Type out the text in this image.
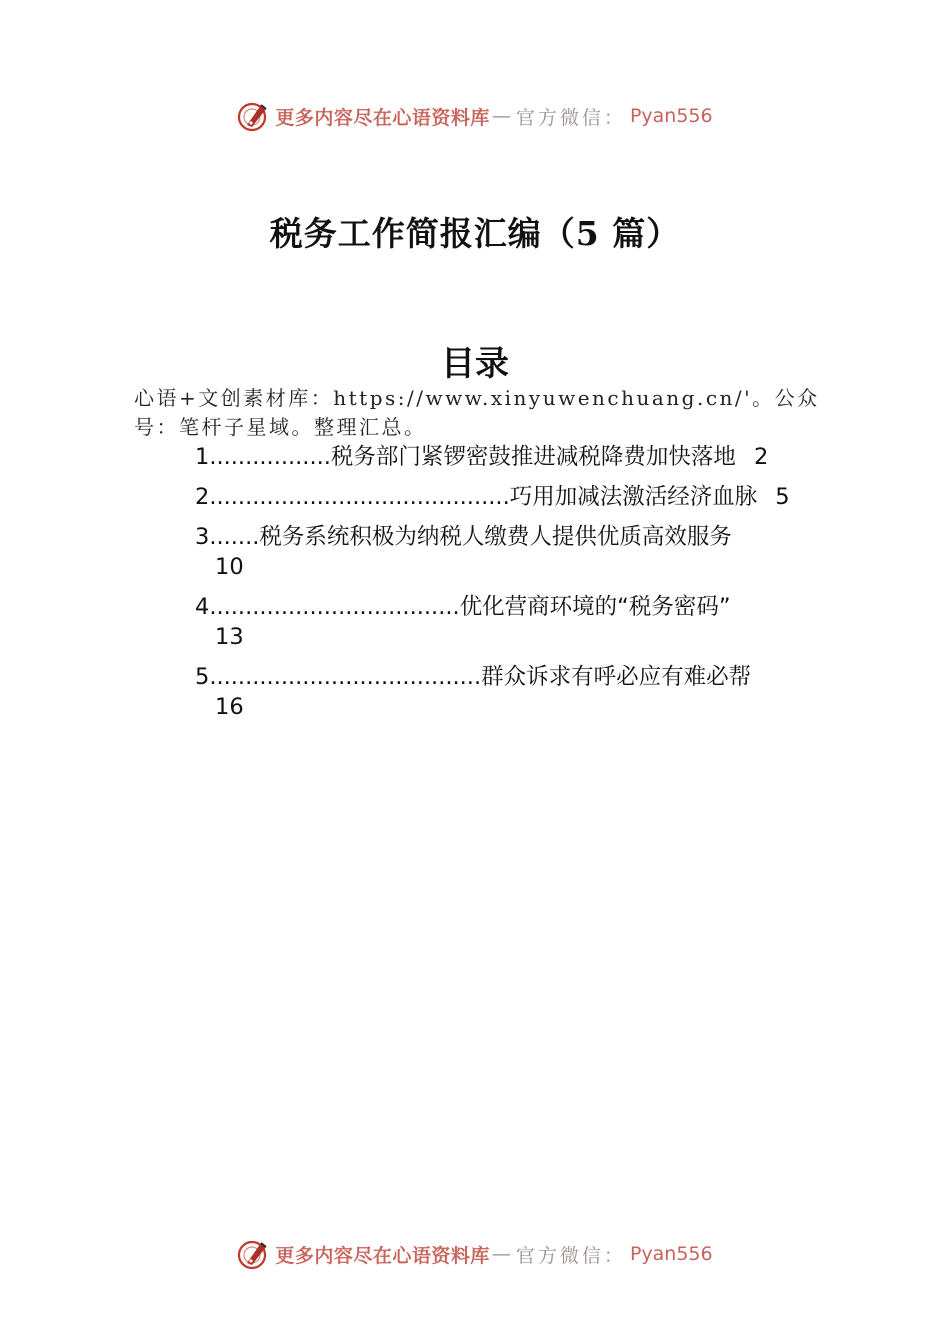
更多内容尽在心语资料库 — 官方微信： Pyan556
税务工作简报汇编（5 篇）
目录
心语+文创素材库：https://www.xinyuwenchuang.cn/'。公众号：笔杆子星域。整理汇总。
1 ................. 税务部门紧锣密鼓推进减税降费加快落地 2
2 .......................................... 巧用加减法激活经济血脉 5
3 ....... 税务系统积极为纳税人缴费人提供优质高效服务
10
4 ................................... 优化营商环境的“税务密码”
13
5 ...................................... 群众诉求有呼必应有难必帮
16
更多内容尽在心语资料库 — 官方微信： Pyan556
